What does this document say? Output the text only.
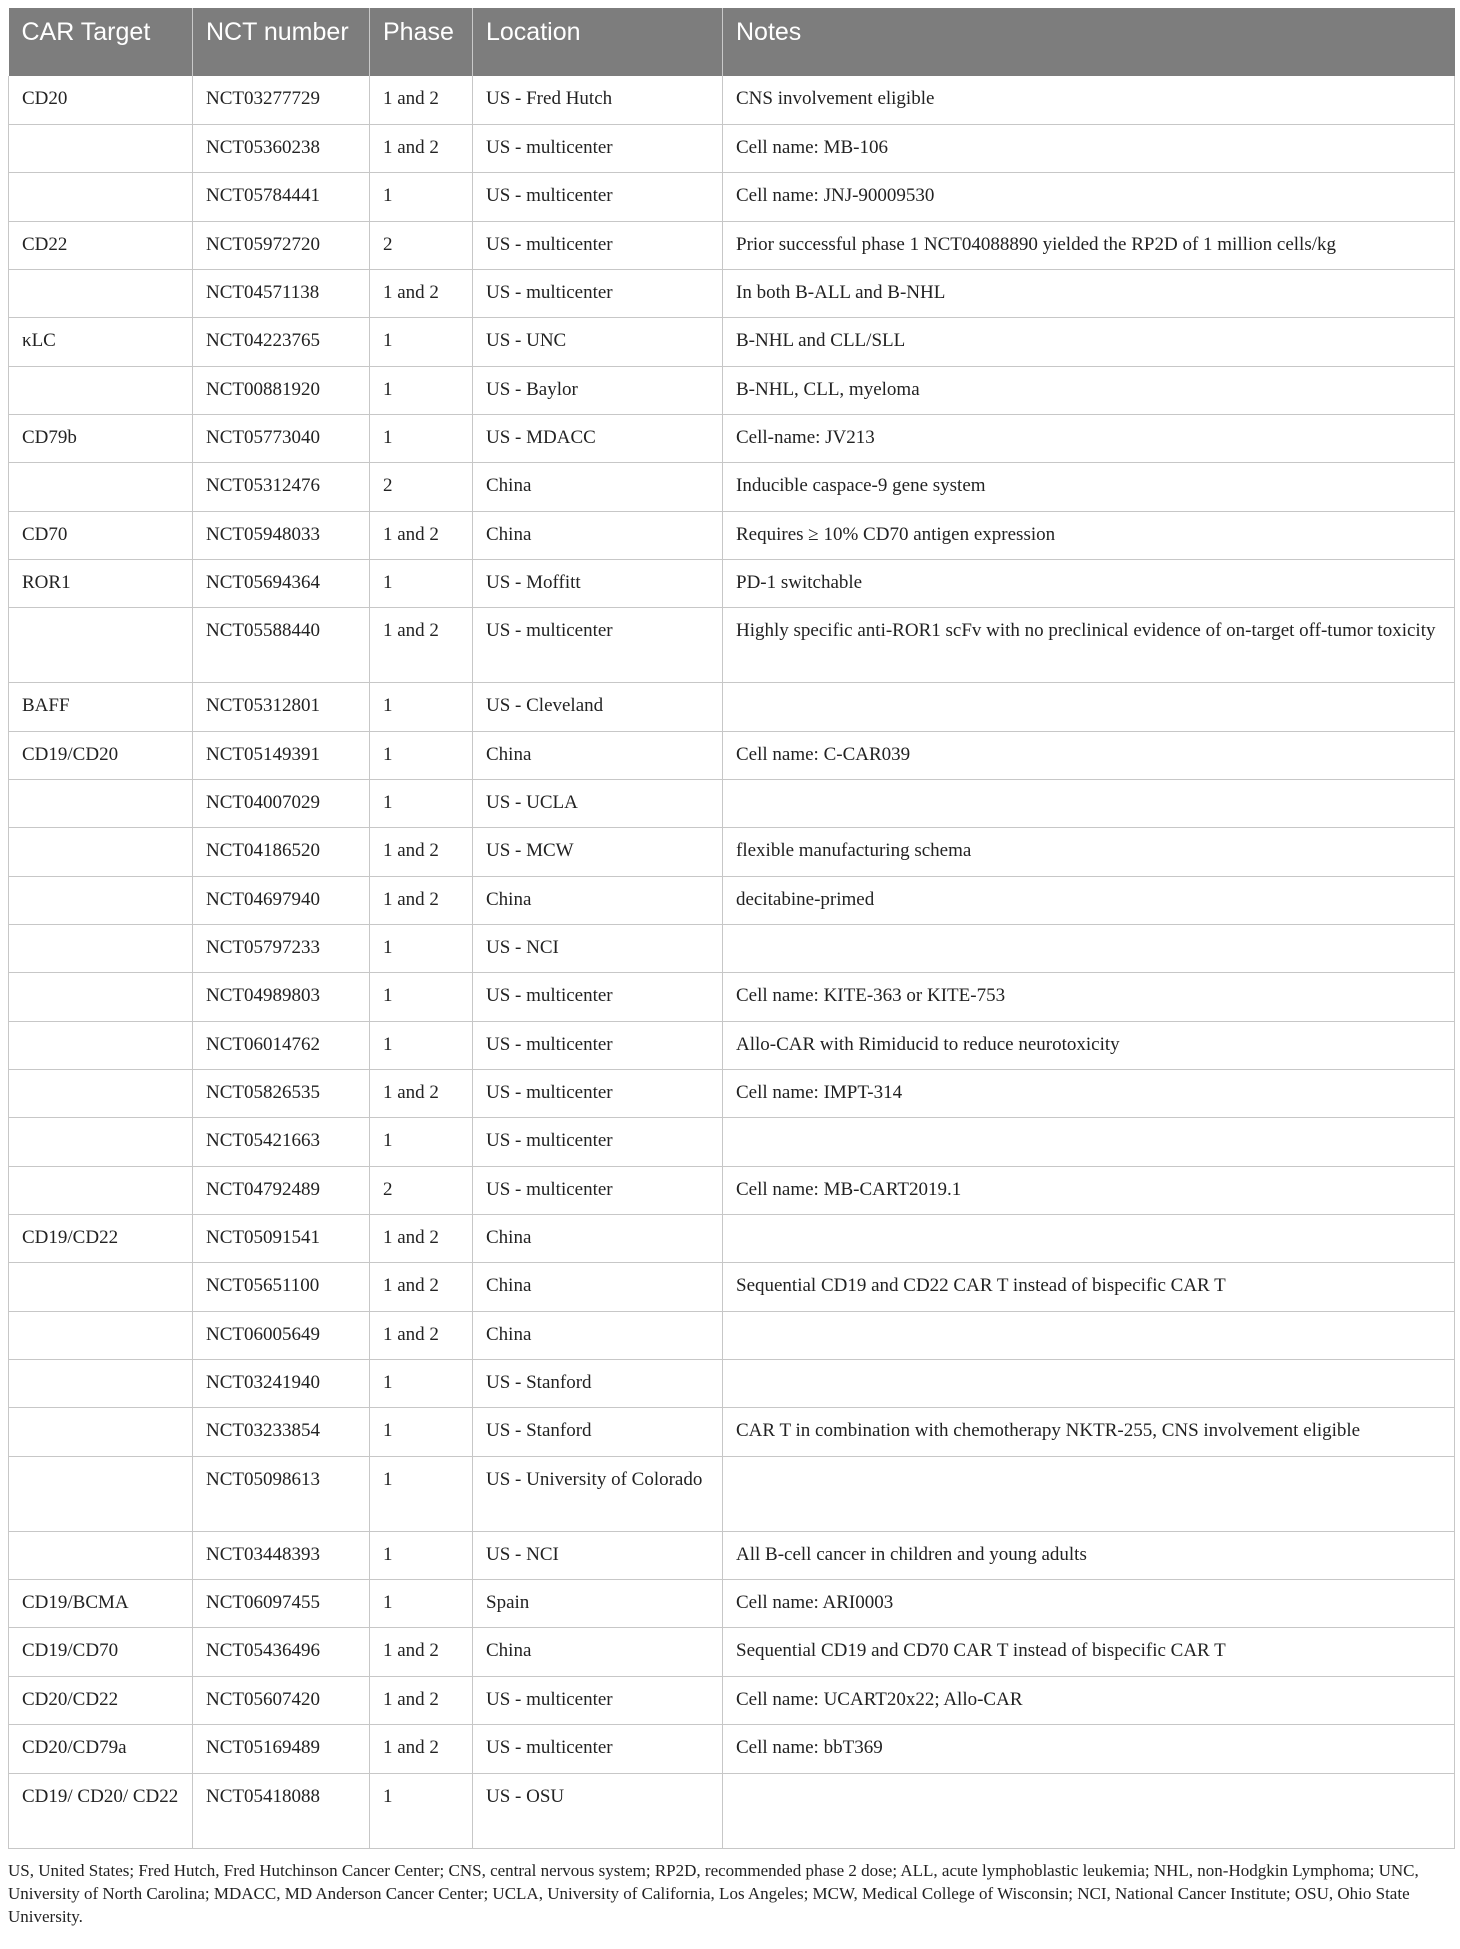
CAR Target	NCT number	Phase	Location	Notes
CD20	NCT03277729	1 and 2	US - Fred Hutch	CNS involvement eligible
	NCT05360238	1 and 2	US - multicenter	Cell name: MB-106
	NCT05784441	1	US - multicenter	Cell name: JNJ-90009530
CD22	NCT05972720	2	US - multicenter	Prior successful phase 1 NCT04088890 yielded the RP2D of 1 million cells/kg
	NCT04571138	1 and 2	US - multicenter	In both B-ALL and B-NHL
κLC	NCT04223765	1	US - UNC	B-NHL and CLL/SLL
	NCT00881920	1	US - Baylor	B-NHL, CLL, myeloma
CD79b	NCT05773040	1	US - MDACC	Cell-name: JV213
	NCT05312476	2	China	Inducible caspace-9 gene system
CD70	NCT05948033	1 and 2	China	Requires ≥ 10% CD70 antigen expression
ROR1	NCT05694364	1	US - Moffitt	PD-1 switchable
	NCT05588440	1 and 2	US - multicenter	Highly specific anti-ROR1 scFv with no preclinical evidence of on-target off-tumor toxicity
BAFF	NCT05312801	1	US - Cleveland	
CD19/CD20	NCT05149391	1	China	Cell name: C-CAR039
	NCT04007029	1	US - UCLA	
	NCT04186520	1 and 2	US - MCW	flexible manufacturing schema
	NCT04697940	1 and 2	China	decitabine-primed
	NCT05797233	1	US - NCI	
	NCT04989803	1	US - multicenter	Cell name: KITE-363 or KITE-753
	NCT06014762	1	US - multicenter	Allo-CAR with Rimiducid to reduce neurotoxicity
	NCT05826535	1 and 2	US - multicenter	Cell name: IMPT-314
	NCT05421663	1	US - multicenter	
	NCT04792489	2	US - multicenter	Cell name: MB-CART2019.1
CD19/CD22	NCT05091541	1 and 2	China	
	NCT05651100	1 and 2	China	Sequential CD19 and CD22 CAR T instead of bispecific CAR T
	NCT06005649	1 and 2	China	
	NCT03241940	1	US - Stanford	
	NCT03233854	1	US - Stanford	CAR T in combination with chemotherapy NKTR-255, CNS involvement eligible
	NCT05098613	1	US - University of Colorado	
	NCT03448393	1	US - NCI	All B-cell cancer in children and young adults
CD19/BCMA	NCT06097455	1	Spain	Cell name: ARI0003
CD19/CD70	NCT05436496	1 and 2	China	Sequential CD19 and CD70 CAR T instead of bispecific CAR T
CD20/CD22	NCT05607420	1 and 2	US - multicenter	Cell name: UCART20x22; Allo-CAR
CD20/CD79a	NCT05169489	1 and 2	US - multicenter	Cell name: bbT369
CD19/ CD20/ CD22	NCT05418088	1	US - OSU	
US, United States; Fred Hutch, Fred Hutchinson Cancer Center; CNS, central nervous system; RP2D, recommended phase 2 dose; ALL, acute lymphoblastic leukemia; NHL, non-Hodgkin Lymphoma; UNC, University of North Carolina; MDACC, MD Anderson Cancer Center; UCLA, University of California, Los Angeles; MCW, Medical College of Wisconsin; NCI, National Cancer Institute; OSU, Ohio State University.
